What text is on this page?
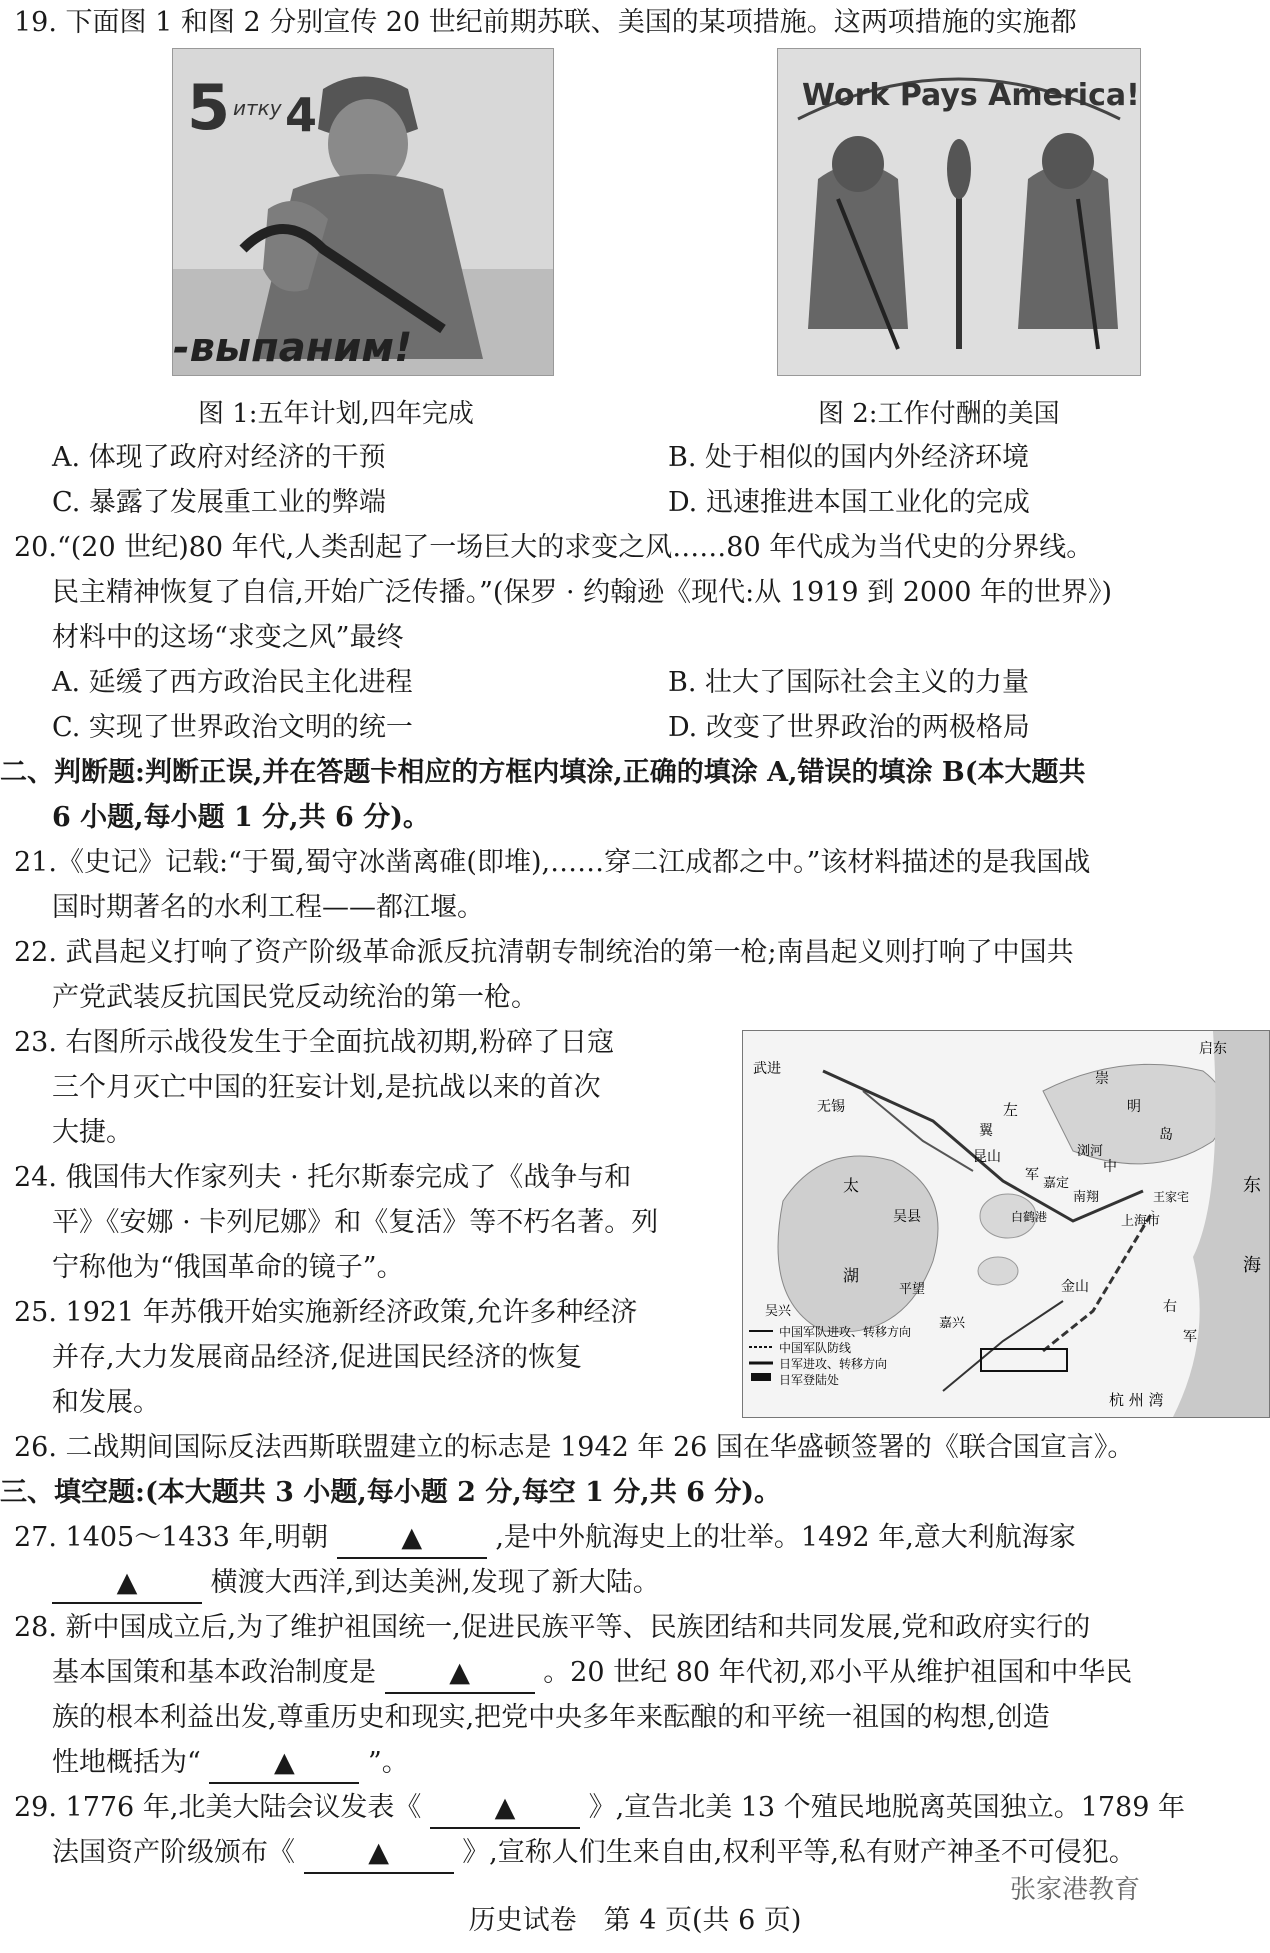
19. 下面图 1 和图 2 分别宣传 20 世纪前期苏联、美国的某项措施。这两项措施的实施都
5 итку 4
-выпаним!
Work Pays America!
图 1:五年计划,四年完成	图 2:工作付酬的美国
A. 体现了政府对经济的干预	B. 处于相似的国内外经济环境
C. 暴露了发展重工业的弊端	D. 迅速推进本国工业化的完成
20.“(20 世纪)80 年代,人类刮起了一场巨大的求变之风……80 年代成为当代史的分界线。
民主精神恢复了自信,开始广泛传播。”(保罗 · 约翰逊《现代:从 1919 到 2000 年的世界》)
材料中的这场“求变之风”最终
A. 延缓了西方政治民主化进程	B. 壮大了国际社会主义的力量
C. 实现了世界政治文明的统一	D. 改变了世界政治的两极格局
二、判断题:判断正误,并在答题卡相应的方框内填涂,正确的填涂 A,错误的填涂 B(本大题共
6 小题,每小题 1 分,共 6 分)。
21.《史记》记载:“于蜀,蜀守冰凿离碓(即堆),……穿二江成都之中。”该材料描述的是我国战
国时期著名的水利工程——都江堰。
22. 武昌起义打响了资产阶级革命派反抗清朝专制统治的第一枪;南昌起义则打响了中国共
产党武装反抗国民党反动统治的第一枪。
23. 右图所示战役发生于全面抗战初期,粉碎了日寇
三个月灭亡中国的狂妄计划,是抗战以来的首次
大捷。
24. 俄国伟大作家列夫 · 托尔斯泰完成了《战争与和
平》《安娜 · 卡列尼娜》和《复活》等不朽名著。列
宁称他为“俄国革命的镜子”。
25. 1921 年苏俄开始实施新经济政策,允许多种经济
并存,大力发展商品经济,促进国民经济的恢复
和发展。
武进
无锡
启东
崇
明
岛
太
湖
吴县
昆山	浏河
嘉定
南翔
白鹤港	上海市
王家宅
东
海
平望	金山
嘉兴
吴兴
杭 州 湾
左
翼
军	中
右
军
中国军队进攻、转移方向
中国军队防线
日军进攻、转移方向
日军登陆处
26. 二战期间国际反法西斯联盟建立的标志是 1942 年 26 国在华盛顿签署的《联合国宣言》。
三、填空题:(本大题共 3 小题,每小题 2 分,每空 1 分,共 6 分)。
27. 1405～1433 年,明朝	▲	,是中外航海史上的壮举。1492 年,意大利航海家
▲	横渡大西洋,到达美洲,发现了新大陆。
28. 新中国成立后,为了维护祖国统一,促进民族平等、民族团结和共同发展,党和政府实行的
基本国策和基本政治制度是	▲	。20 世纪 80 年代初,邓小平从维护祖国和中华民
族的根本利益出发,尊重历史和现实,把党中央多年来酝酿的和平统一祖国的构想,创造
性地概括为“	▲	”。
29. 1776 年,北美大陆会议发表《	▲	》,宣告北美 13 个殖民地脱离英国独立。1789 年
法国资产阶级颁布《	▲	》,宣称人们生来自由,权利平等,私有财产神圣不可侵犯。
张家港教育
历史试卷　第 4 页(共 6 页)
